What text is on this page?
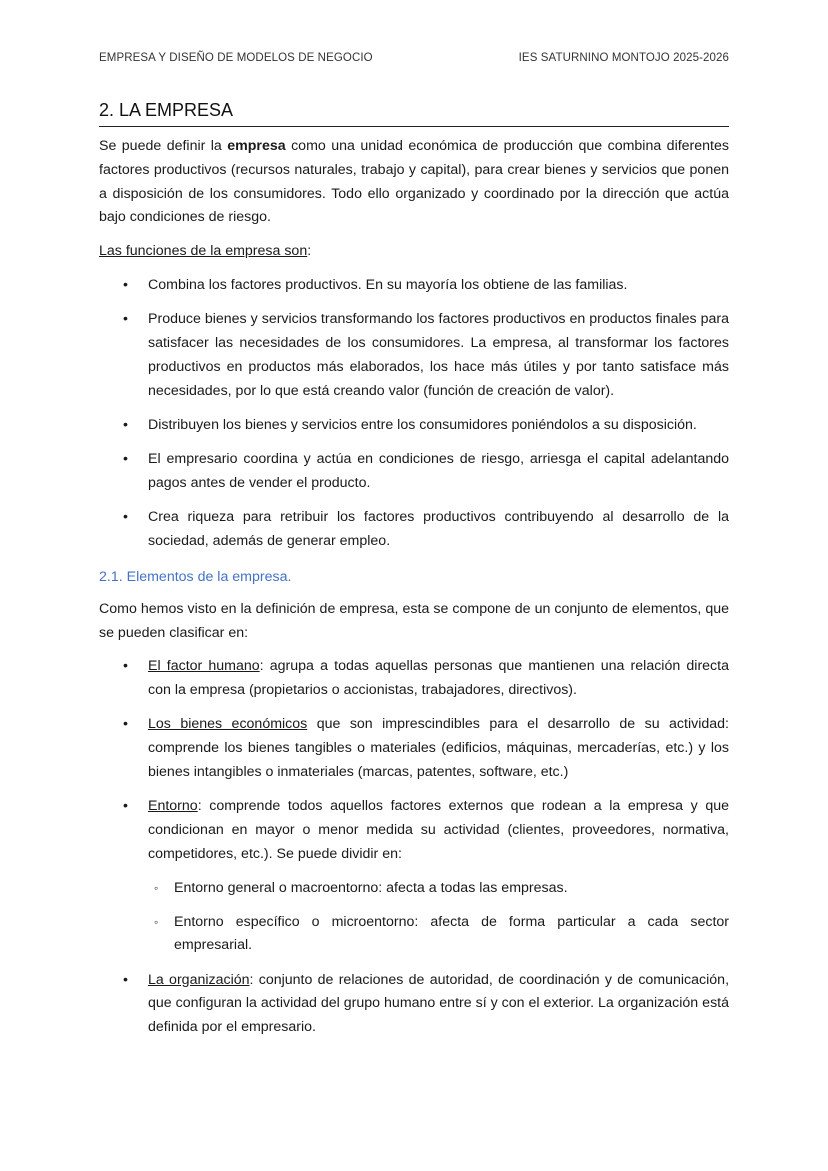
EMPRESA Y DISEÑO DE MODELOS DE NEGOCIO	IES SATURNINO MONTOJO 2025-2026
2. LA EMPRESA

Se puede definir la empresa como una unidad económica de producción que combina diferentes factores productivos (recursos naturales, trabajo y capital), para crear bienes y servicios que ponen a disposición de los consumidores. Todo ello organizado y coordinado por la dirección que actúa bajo condiciones de riesgo.

Las funciones de la empresa son:

• Combina los factores productivos. En su mayoría los obtiene de las familias.
• Produce bienes y servicios transformando los factores productivos en productos finales para satisfacer las necesidades de los consumidores. La empresa, al transformar los factores productivos en productos más elaborados, los hace más útiles y por tanto satisface más necesidades, por lo que está creando valor (función de creación de valor).
• Distribuyen los bienes y servicios entre los consumidores poniéndolos a su disposición.
• El empresario coordina y actúa en condiciones de riesgo, arriesga el capital adelantando pagos antes de vender el producto.
• Crea riqueza para retribuir los factores productivos contribuyendo al desarrollo de la sociedad, además de generar empleo.
2.1. Elementos de la empresa.

Como hemos visto en la definición de empresa, esta se compone de un conjunto de elementos, que se pueden clasificar en:

• El factor humano: agrupa a todas aquellas personas que mantienen una relación directa con la empresa (propietarios o accionistas, trabajadores, directivos).
• Los bienes económicos que son imprescindibles para el desarrollo de su actividad: comprende los bienes tangibles o materiales (edificios, máquinas, mercaderías, etc.) y los bienes intangibles o inmateriales (marcas, patentes, software, etc.)
• Entorno: comprende todos aquellos factores externos que rodean a la empresa y que condicionan en mayor o menor medida su actividad (clientes, proveedores, normativa, competidores, etc.). Se puede dividir en:
◦ Entorno general o macroentorno: afecta a todas las empresas.
◦ Entorno específico o microentorno: afecta de forma particular a cada sector empresarial.
• La organización: conjunto de relaciones de autoridad, de coordinación y de comunicación, que configuran la actividad del grupo humano entre sí y con el exterior. La organización está definida por el empresario.
